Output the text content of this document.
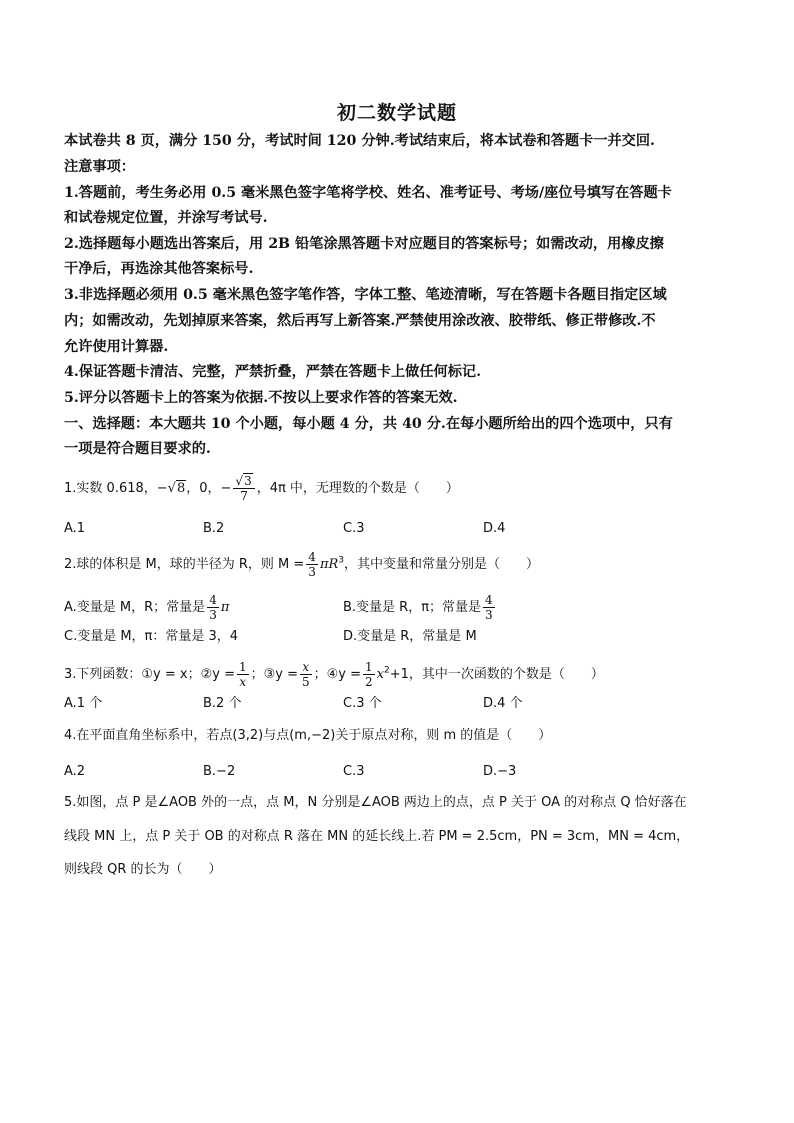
初二数学试题
本试卷共 8 页，满分 150 分，考试时间 120 分钟.考试结束后，将本试卷和答题卡一并交回.
注意事项：
1.答题前，考生务必用 0.5 毫米黑色签字笔将学校、姓名、准考证号、考场/座位号填写在答题卡
和试卷规定位置，并涂写考试号.
2.选择题每小题选出答案后，用 2B 铅笔涂黑答题卡对应题目的答案标号；如需改动，用橡皮擦
干净后，再选涂其他答案标号.
3.非选择题必须用 0.5 毫米黑色签字笔作答，字体工整、笔迹清晰，写在答题卡各题目指定区域
内；如需改动，先划掉原来答案，然后再写上新答案.严禁使用涂改液、胶带纸、修正带修改.不
允许使用计算器.
4.保证答题卡清洁、完整，严禁折叠，严禁在答题卡上做任何标记.
5.评分以答题卡上的答案为依据.不按以上要求作答的答案无效.
一、选择题：本大题共 10 个小题，每小题 4 分，共 40 分.在每小题所给出的四个选项中，只有
一项是符合题目要求的.
1.实数 0.618，−√8，0，− $\frac{√3}{7}$ ，4π 中，无理数的个数是（　　）
A.1	B.2	C.3	D.4
2.球的体积是 M，球的半径为 R，则 $M = \frac{4}{3} \pi R^3$，其中变量和常量分别是（　　）
A.变量是 M，R；常量是 $\frac{4}{3}$ π	B.变量是 R，π；常量是 $\frac{4}{3}$
C.变量是 M，π：常量是 3，4	D.变量是 R，常量是 M
3.下列函数：①y = x；②y = $\frac{1}{x}$ ；③y = $\frac{x}{5}$ ；④y = $\frac{1}{2} x^2+1$，其中一次函数的个数是（　　）
A.1 个	B.2 个	C.3 个	D.4 个
4.在平面直角坐标系中，若点(3,2)与点(m,−2)关于原点对称，则 m 的值是（　　）
A.2	B.−2	C.3	D.−3
5.如图，点 P 是∠AOB 外的一点，点 M，N 分别是∠AOB 两边上的点，点 P 关于 OA 的对称点 Q 恰好落在
线段 MN 上，点 P 关于 OB 的对称点 R 落在 MN 的延长线上.若 PM = 2.5cm，PN = 3cm，MN = 4cm，
则线段 QR 的长为（　　）
